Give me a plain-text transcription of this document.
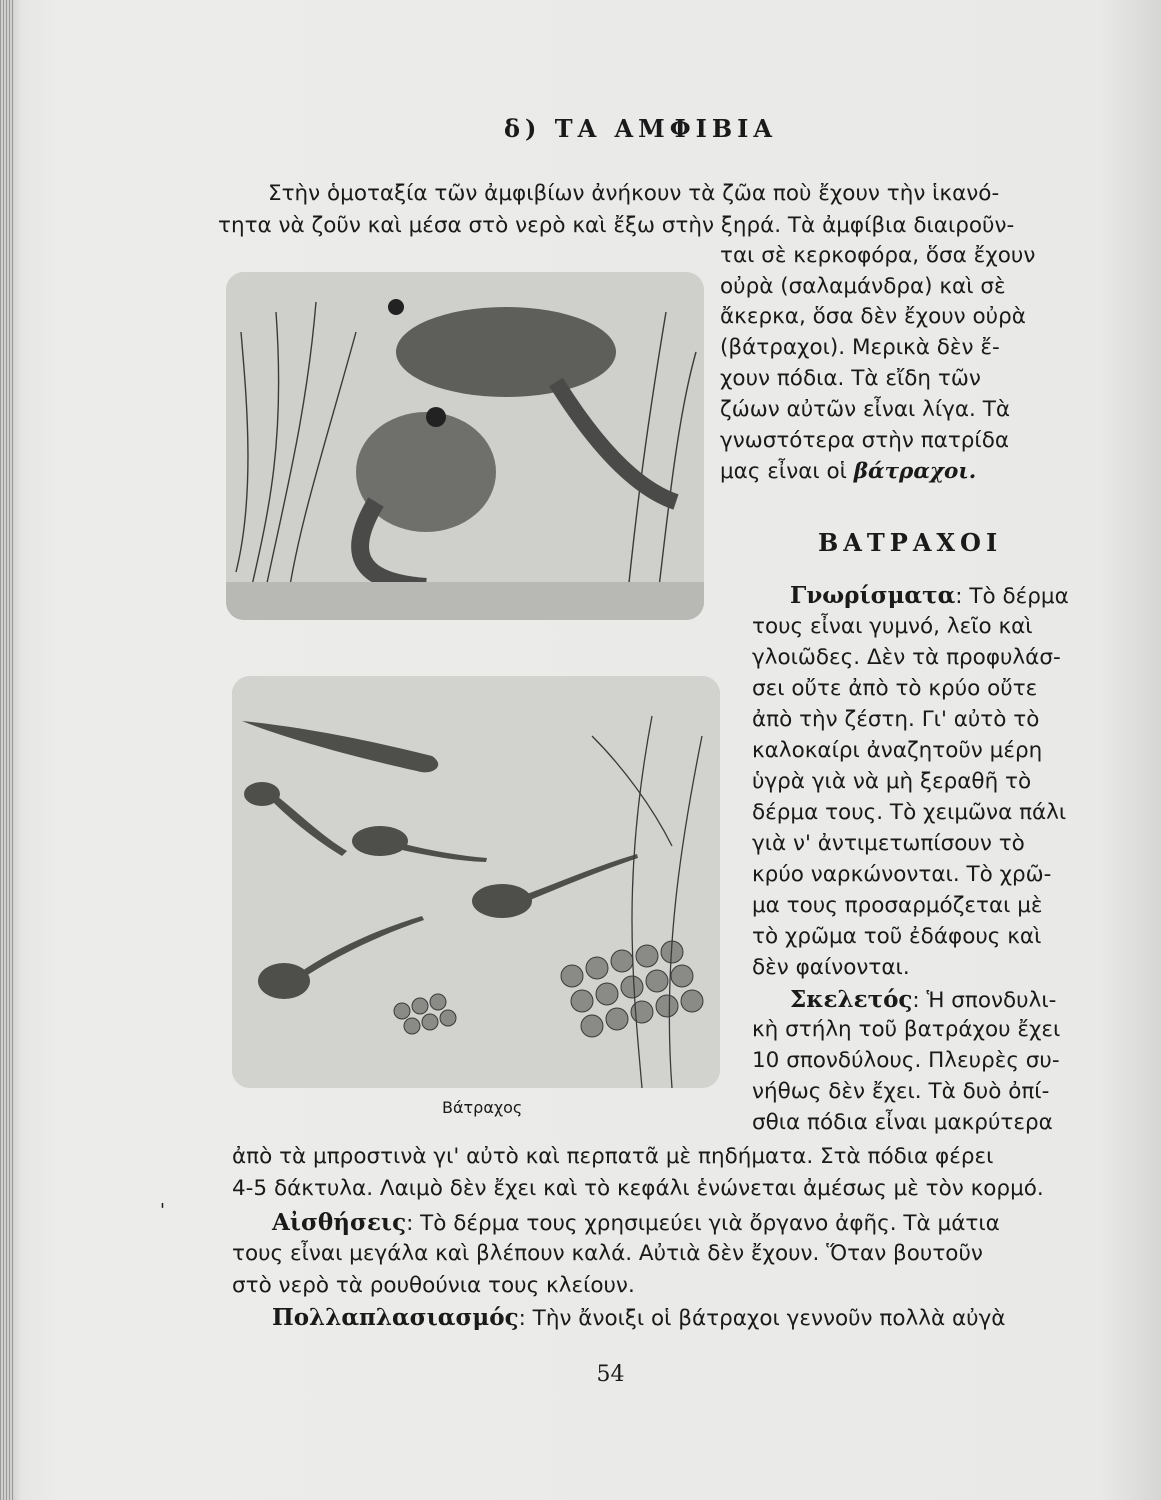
δ) ΤΑ ΑΜΦΙΒΙΑ
Στὴν ὁμοταξία τῶν ἀμφιβίων ἀνήκουν τὰ ζῶα ποὺ ἔχουν τὴν ἱκανό-
τητα νὰ ζοῦν καὶ μέσα στὸ νερὸ καὶ ἔξω στὴν ξηρά. Τὰ ἀμφίβια διαιροῦν-
ται σὲ κερκοφόρα, ὅσα ἔχουν
οὐρὰ (σαλαμάνδρα) καὶ σὲ
ἄκερκα, ὅσα δὲν ἔχουν οὐρὰ
(βάτραχοι). Μερικὰ δὲν ἔ-
χουν πόδια. Τὰ εἴδη τῶν
ζώων αὐτῶν εἶναι λίγα. Τὰ
γνωστότερα στὴν πατρίδα
μας εἶναι οἱ βάτραχοι.
ΒΑΤΡΑΧΟΙ
Γνωρίσματα: Τὸ δέρμα
τους εἶναι γυμνό, λεῖο καὶ
γλοιῶδες. Δὲν τὰ προφυλάσ-
σει οὔτε ἀπὸ τὸ κρύο οὔτε
ἀπὸ τὴν ζέστη. Γι' αὐτὸ τὸ
καλοκαίρι ἀναζητοῦν μέρη
ὑγρὰ γιὰ νὰ μὴ ξεραθῆ τὸ
δέρμα τους. Τὸ χειμῶνα πάλι
γιὰ ν' ἀντιμετωπίσουν τὸ
κρύο ναρκώνονται. Τὸ χρῶ-
μα τους προσαρμόζεται μὲ
τὸ χρῶμα τοῦ ἐδάφους καὶ
δὲν φαίνονται.
Σκελετός: Ἡ σπονδυλι-
κὴ στήλη τοῦ βατράχου ἔχει
10 σπονδύλους. Πλευρὲς συ-
νήθως δὲν ἔχει. Τὰ δυὸ ὀπί-
σθια πόδια εἶναι μακρύτερα
ἀπὸ τὰ μπροστινὰ γι' αὐτὸ καὶ περπατᾶ μὲ πηδήματα. Στὰ πόδια φέρει
4-5 δάκτυλα. Λαιμὸ δὲν ἔχει καὶ τὸ κεφάλι ἑνώνεται ἀμέσως μὲ τὸν κορμό.
Αἰσθήσεις: Τὸ δέρμα τους χρησιμεύει γιὰ ὄργανο ἀφῆς. Τὰ μάτια
τους εἶναι μεγάλα καὶ βλέπουν καλά. Αὐτιὰ δὲν ἔχουν. Ὅταν βουτοῦν
στὸ νερὸ τὰ ρουθούνια τους κλείουν.
Πολλαπλασιασμός: Τὴν ἄνοιξι οἱ βάτραχοι γεννοῦν πολλὰ αὐγὰ
Βάτραχος
'
54
